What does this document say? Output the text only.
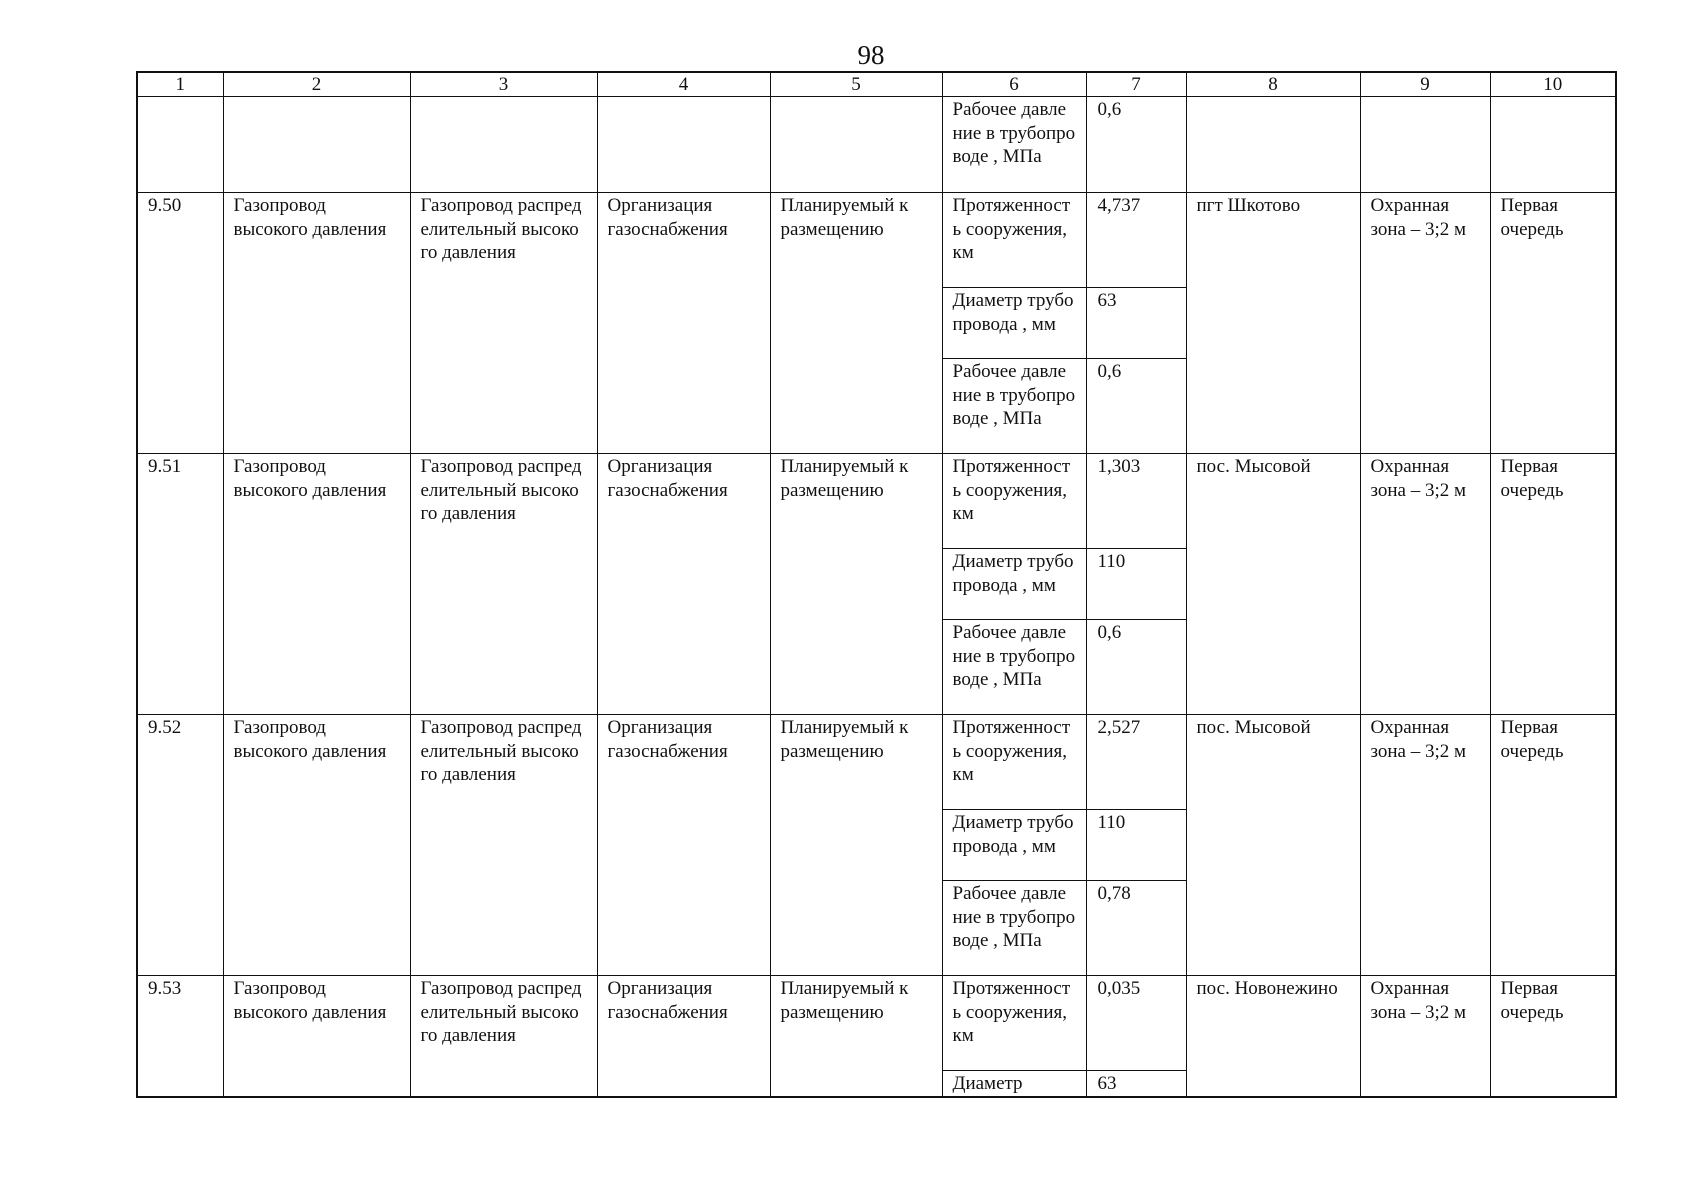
98
1	2	3	4	5	6	7	8	9	10
					Рабочее давление в трубопроводе , МПа	0,6			
9.50	Газопровод высокого давления	Газопровод распределительный высокого давления	Организация газоснабжения	Планируемый к размещению	Протяженность сооружения, км	4,737	пгт Шкотово	Охранная зона – 3;2 м	Первая очередь
					Диаметр трубопровода , мм	63			
					Рабочее давление в трубопроводе , МПа	0,6			
9.51	Газопровод высокого давления	Газопровод распределительный высокого давления	Организация газоснабжения	Планируемый к размещению	Протяженность сооружения, км	1,303	пос. Мысовой	Охранная зона – 3;2 м	Первая очередь
					Диаметр трубопровода , мм	110			
					Рабочее давление в трубопроводе , МПа	0,6			
9.52	Газопровод высокого давления	Газопровод распределительный высокого давления	Организация газоснабжения	Планируемый к размещению	Протяженность сооружения, км	2,527	пос. Мысовой	Охранная зона – 3;2 м	Первая очередь
					Диаметр трубопровода , мм	110			
					Рабочее давление в трубопроводе , МПа	0,78			
9.53	Газопровод высокого давления	Газопровод распределительный высокого давления	Организация газоснабжения	Планируемый к размещению	Протяженность сооружения, км	0,035	пос. Новонежино	Охранная зона – 3;2 м	Первая очередь
					Диаметр	63			
